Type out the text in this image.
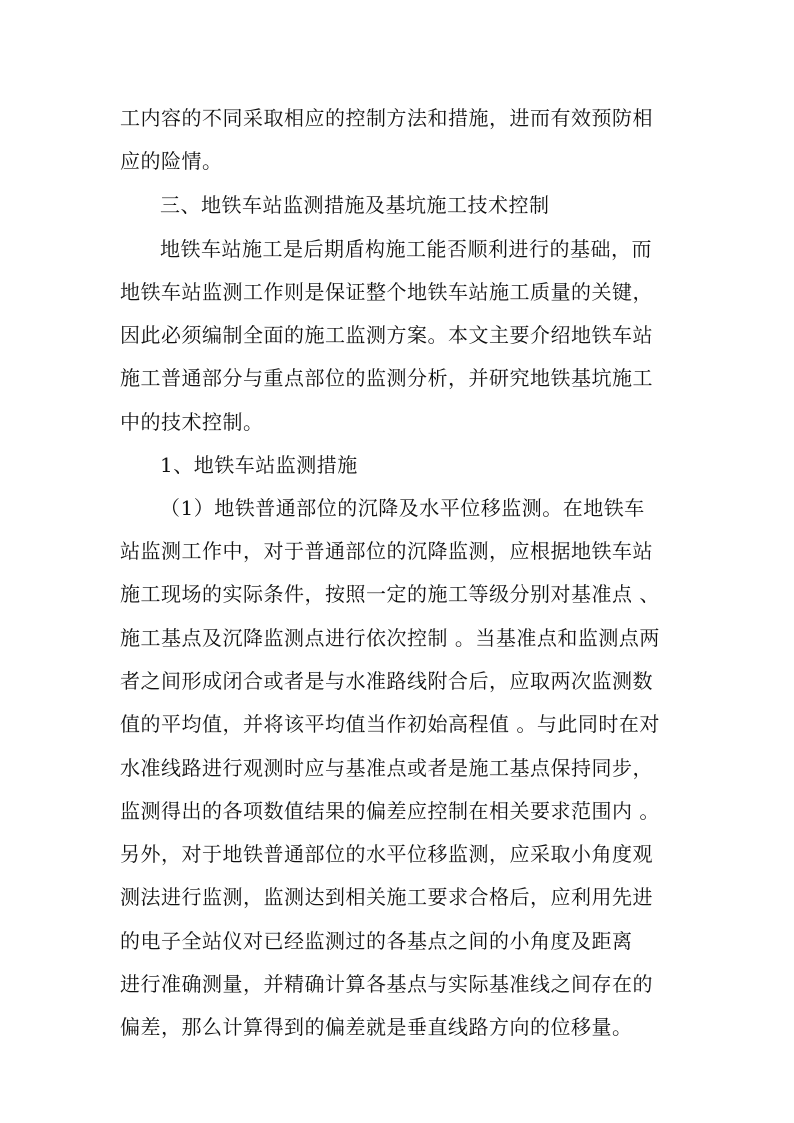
工内容的不同采取相应的控制方法和措施，进而有效预防相
应的险情。
三、地铁车站监测措施及基坑施工技术控制
地铁车站施工是后期盾构施工能否顺利进行的基础，而
地铁车站监测工作则是保证整个地铁车站施工质量的关键，
因此必须编制全面的施工监测方案。本文主要介绍地铁车站
施工普通部分与重点部位的监测分析，并研究地铁基坑施工
中的技术控制。
1、地铁车站监测措施
（1）地铁普通部位的沉降及水平位移监测。在地铁车
站监测工作中，对于普通部位的沉降监测，应根据地铁车站
施工现场的实际条件，按照一定的施工等级分别对基准点 、
施工基点及沉降监测点进行依次控制 。当基准点和监测点两
者之间形成闭合或者是与水准路线附合后，应取两次监测数
值的平均值，并将该平均值当作初始高程值 。与此同时在对
水准线路进行观测时应与基准点或者是施工基点保持同步，
监测得出的各项数值结果的偏差应控制在相关要求范围内 。
另外，对于地铁普通部位的水平位移监测，应采取小角度观
测法进行监测，监测达到相关施工要求合格后，应利用先进
的电子全站仪对已经监测过的各基点之间的小角度及距离
进行准确测量，并精确计算各基点与实际基准线之间存在的
偏差，那么计算得到的偏差就是垂直线路方向的位移量。
